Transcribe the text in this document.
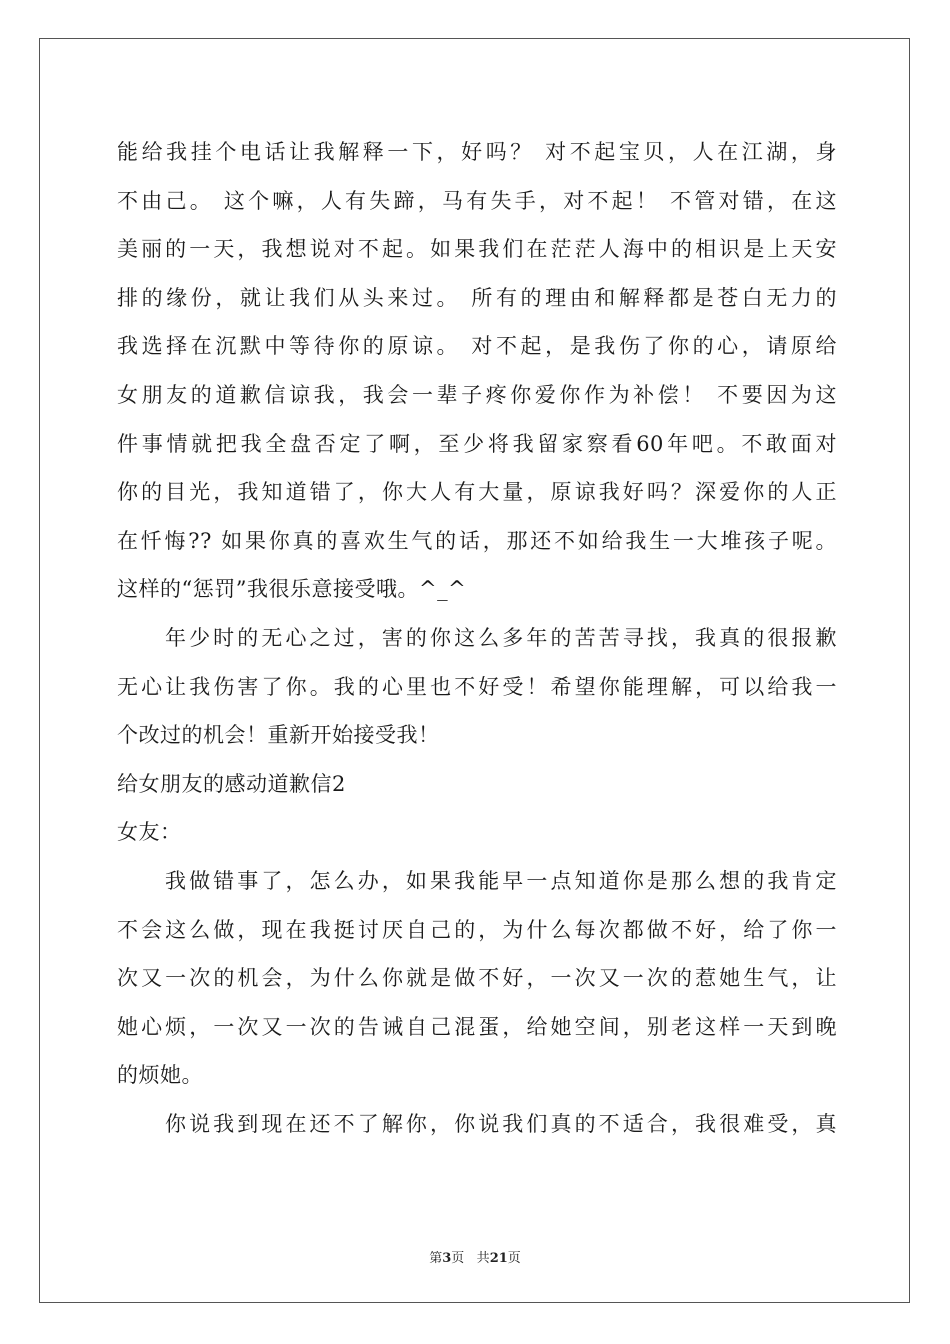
能给我挂个电话让我解释一下，好吗？ 对不起宝贝，人在江湖，身
不由己。 这个嘛，人有失蹄，马有失手，对不起！ 不管对错，在这
美丽的一天，我想说对不起。如果我们在茫茫人海中的相识是上天安
排的缘份，就让我们从头来过。 所有的理由和解释都是苍白无力的
我选择在沉默中等待你的原谅。 对不起，是我伤了你的心，请原给
女朋友的道歉信谅我，我会一辈子疼你爱你作为补偿！ 不要因为这
件事情就把我全盘否定了啊，至少将我留家察看60年吧。不敢面对
你的目光，我知道错了，你大人有大量，原谅我好吗？深爱你的人正
在忏悔?? 如果你真的喜欢生气的话，那还不如给我生一大堆孩子呢。
这样的“惩罚”我很乐意接受哦。^_^
年少时的无心之过，害的你这么多年的苦苦寻找，我真的很报歉
无心让我伤害了你。我的心里也不好受！希望你能理解，可以给我一
个改过的机会！重新开始接受我！
给女朋友的感动道歉信2
女友：
我做错事了，怎么办，如果我能早一点知道你是那么想的我肯定
不会这么做，现在我挺讨厌自己的，为什么每次都做不好，给了你一
次又一次的机会，为什么你就是做不好，一次又一次的惹她生气，让
她心烦，一次又一次的告诫自己混蛋，给她空间，别老这样一天到晚
的烦她。
你说我到现在还不了解你，你说我们真的不适合，我很难受，真
第3页 共21页
